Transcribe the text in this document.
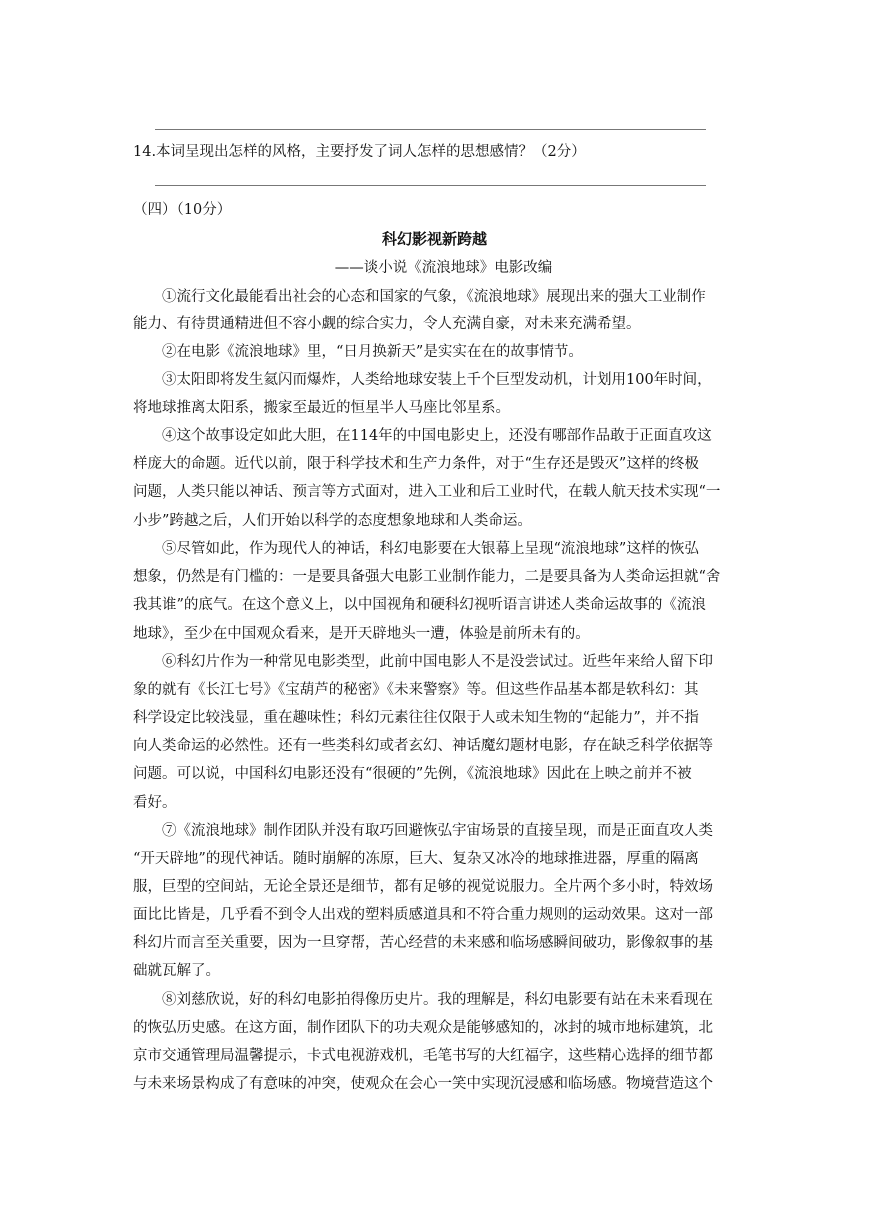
14.本词呈现出怎样的风格，主要抒发了词人怎样的思想感情？（2分）
（四）（10分）
科幻影视新跨越
——谈小说《流浪地球》电影改编
①流行文化最能看出社会的心态和国家的气象，《流浪地球》展现出来的强大工业制作
能力、有待贯通精进但不容小觑的综合实力，令人充满自豪，对未来充满希望。
②在电影《流浪地球》里，“日月换新天”是实实在在的故事情节。
③太阳即将发生氦闪而爆炸，人类给地球安装上千个巨型发动机，计划用100年时间，
将地球推离太阳系，搬家至最近的恒星半人马座比邻星系。
④这个故事设定如此大胆，在114年的中国电影史上，还没有哪部作品敢于正面直攻这
样庞大的命题。近代以前，限于科学技术和生产力条件，对于“生存还是毁灭”这样的终极
问题，人类只能以神话、预言等方式面对，进入工业和后工业时代，在载人航天技术实现“一
小步”跨越之后，人们开始以科学的态度想象地球和人类命运。
⑤尽管如此，作为现代人的神话，科幻电影要在大银幕上呈现“流浪地球”这样的恢弘
想象，仍然是有门槛的：一是要具备强大电影工业制作能力，二是要具备为人类命运担就“舍
我其谁”的底气。在这个意义上，以中国视角和硬科幻视听语言讲述人类命运故事的《流浪
地球》，至少在中国观众看来，是开天辟地头一遭，体验是前所未有的。
⑥科幻片作为一种常见电影类型，此前中国电影人不是没尝试过。近些年来给人留下印
象的就有《长江七号》《宝葫芦的秘密》《未来警察》等。但这些作品基本都是软科幻：其
科学设定比较浅显，重在趣味性；科幻元素往往仅限于人或未知生物的“起能力”，并不指
向人类命运的必然性。还有一些类科幻或者玄幻、神话魔幻题材电影，存在缺乏科学依据等
问题。可以说，中国科幻电影还没有“很硬的”先例，《流浪地球》因此在上映之前并不被
看好。
⑦《流浪地球》制作团队并没有取巧回避恢弘宇宙场景的直接呈现，而是正面直攻人类
“开天辟地”的现代神话。随时崩解的冻原，巨大、复杂又冰冷的地球推进器，厚重的隔离
服，巨型的空间站，无论全景还是细节，都有足够的视觉说服力。全片两个多小时，特效场
面比比皆是，几乎看不到令人出戏的塑料质感道具和不符合重力规则的运动效果。这对一部
科幻片而言至关重要，因为一旦穿帮，苦心经营的未来感和临场感瞬间破功，影像叙事的基
础就瓦解了。
⑧刘慈欣说，好的科幻电影拍得像历史片。我的理解是，科幻电影要有站在未来看现在
的恢弘历史感。在这方面，制作团队下的功夫观众是能够感知的，冰封的城市地标建筑，北
京市交通管理局温馨提示，卡式电视游戏机，毛笔书写的大红福字，这些精心选择的细节都
与未来场景构成了有意味的冲突，使观众在会心一笑中实现沉浸感和临场感。物境营造这个
